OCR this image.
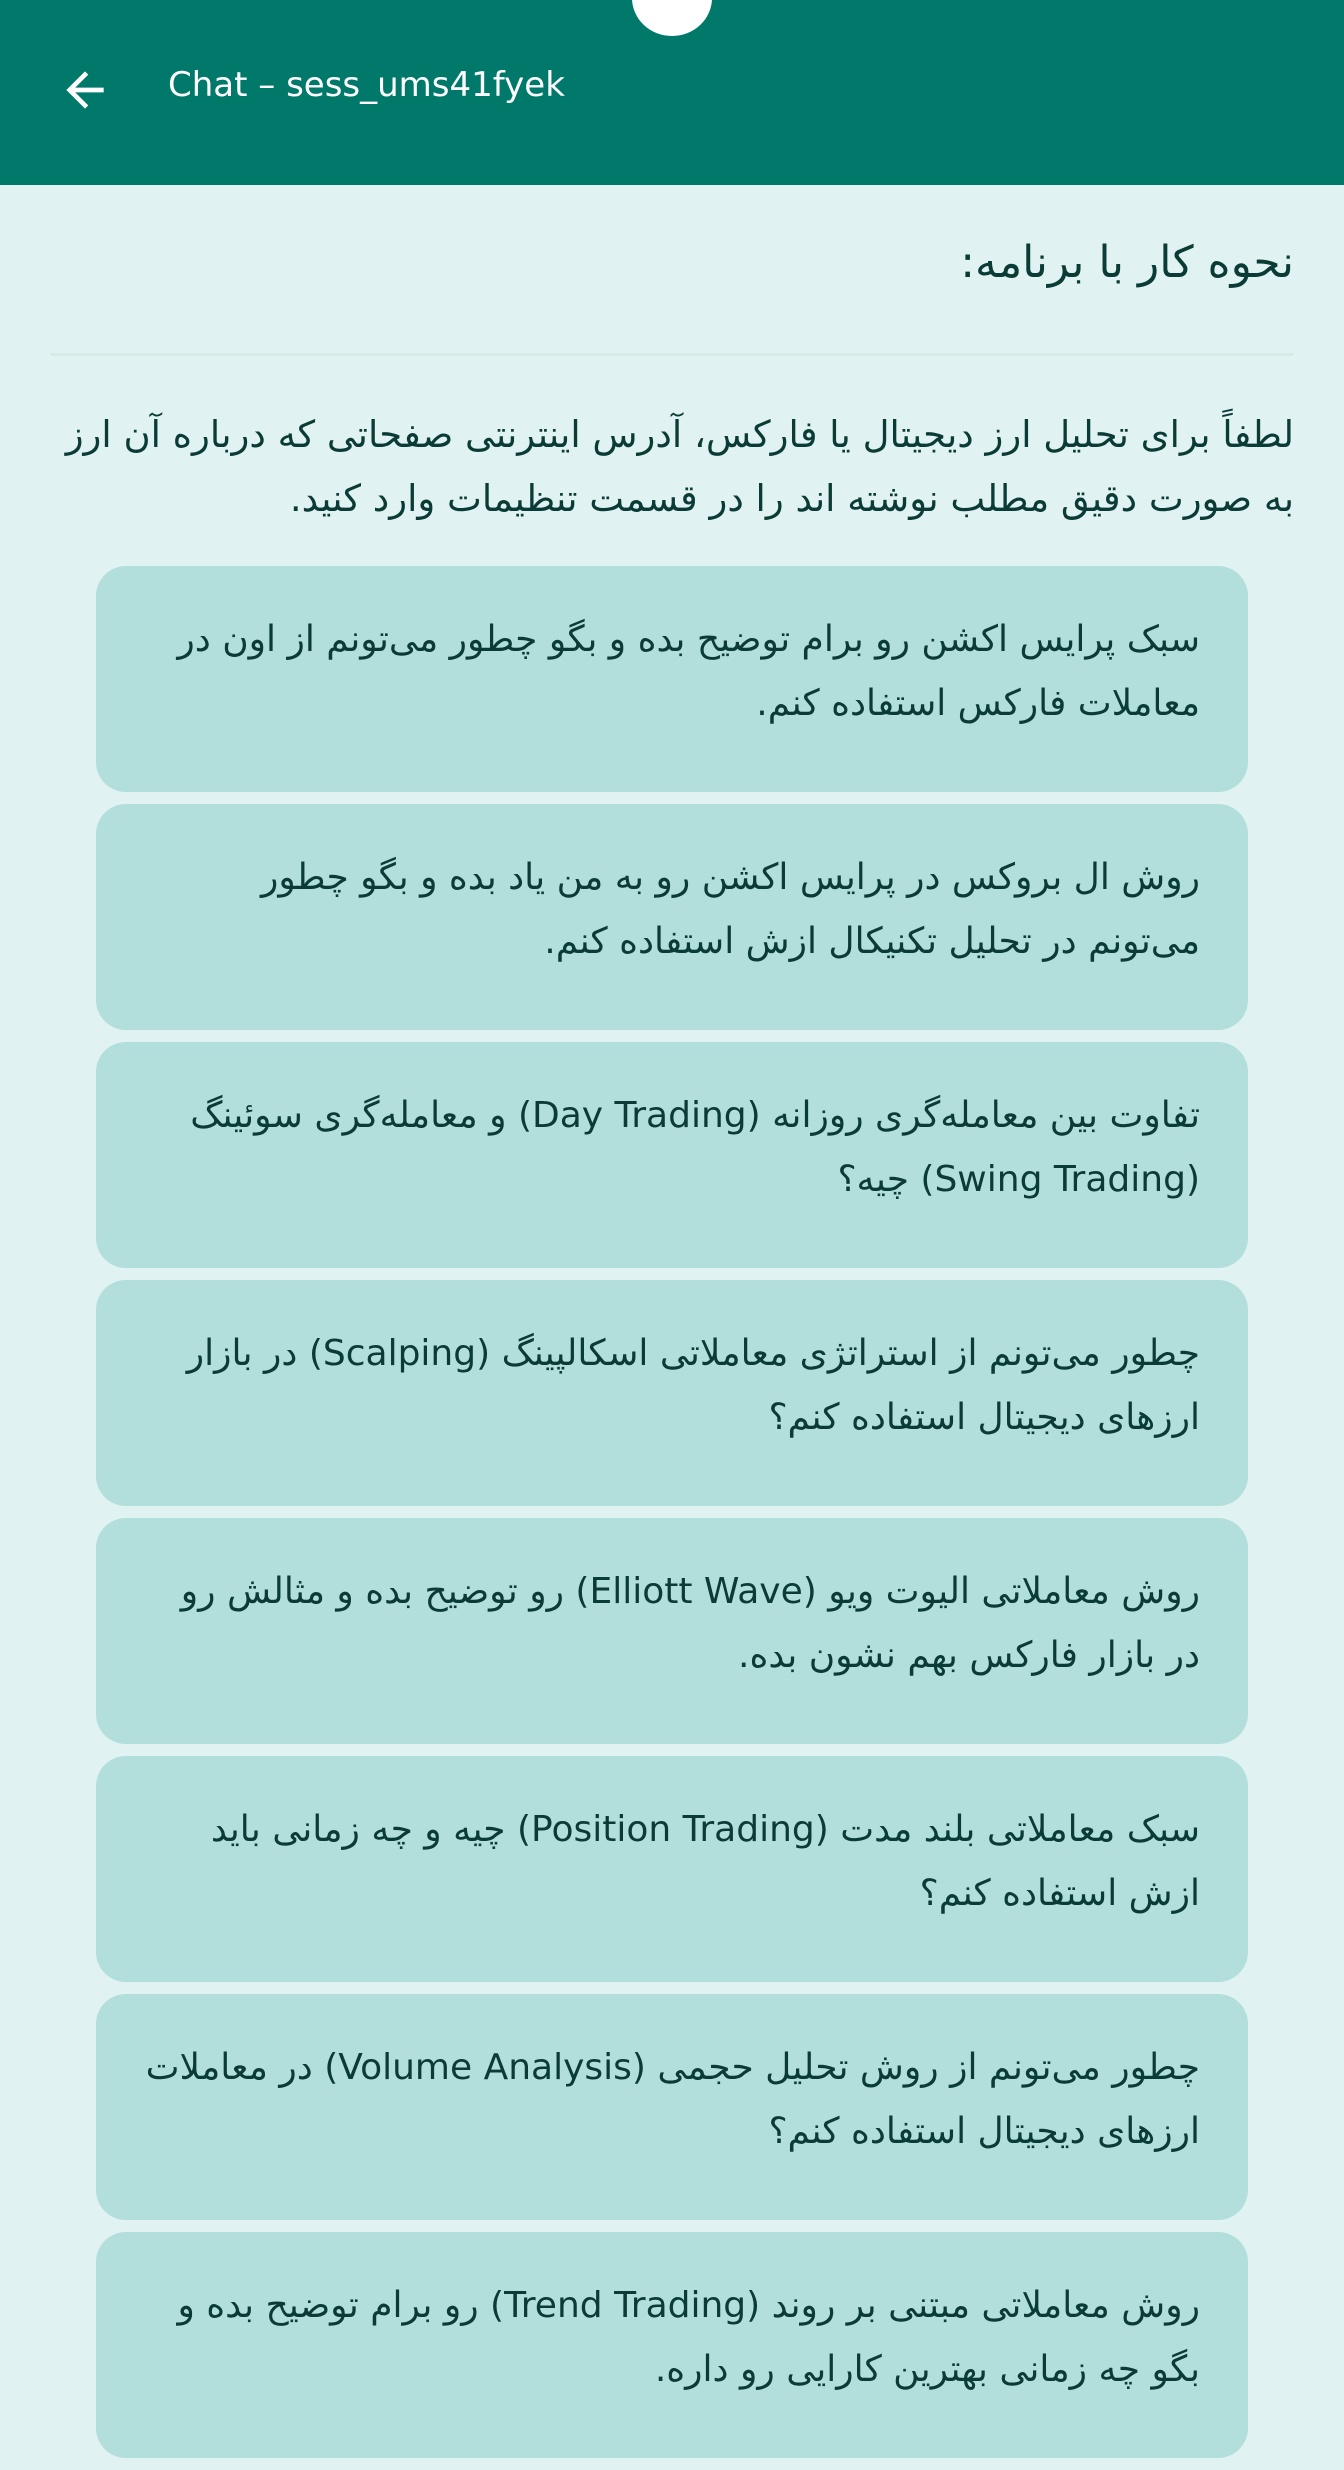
Chat – sess_ums41fyek
نحوه کار با برنامه:
لطفاً برای تحلیل ارز دیجیتال یا فارکس، آدرس اینترنتی صفحاتی که درباره آن ارز به صورت دقیق مطلب نوشته اند را در قسمت تنظیمات وارد کنید.
سبک پرایس اکشن رو برام توضیح بده و بگو چطور می‌تونم از اون در معاملات فارکس استفاده کنم.
روش ال بروکس در پرایس اکشن رو به من یاد بده و بگو چطور می‌تونم در تحلیل تکنیکال ازش استفاده کنم.
تفاوت بین معامله‌گری روزانه (Day Trading) و معامله‌گری سوئینگ (Swing Trading) چیه؟
چطور می‌تونم از استراتژی معاملاتی اسکالپینگ (Scalping) در بازار ارزهای دیجیتال استفاده کنم؟
روش معاملاتی الیوت ویو (Elliott Wave) رو توضیح بده و مثالش رو در بازار فارکس بهم نشون بده.
سبک معاملاتی بلند مدت (Position Trading) چیه و چه زمانی باید ازش استفاده کنم؟
چطور می‌تونم از روش تحلیل حجمی (Volume Analysis) در معاملات ارزهای دیجیتال استفاده کنم؟
روش معاملاتی مبتنی بر روند (Trend Trading) رو برام توضیح بده و بگو چه زمانی بهترین کارایی رو داره.
